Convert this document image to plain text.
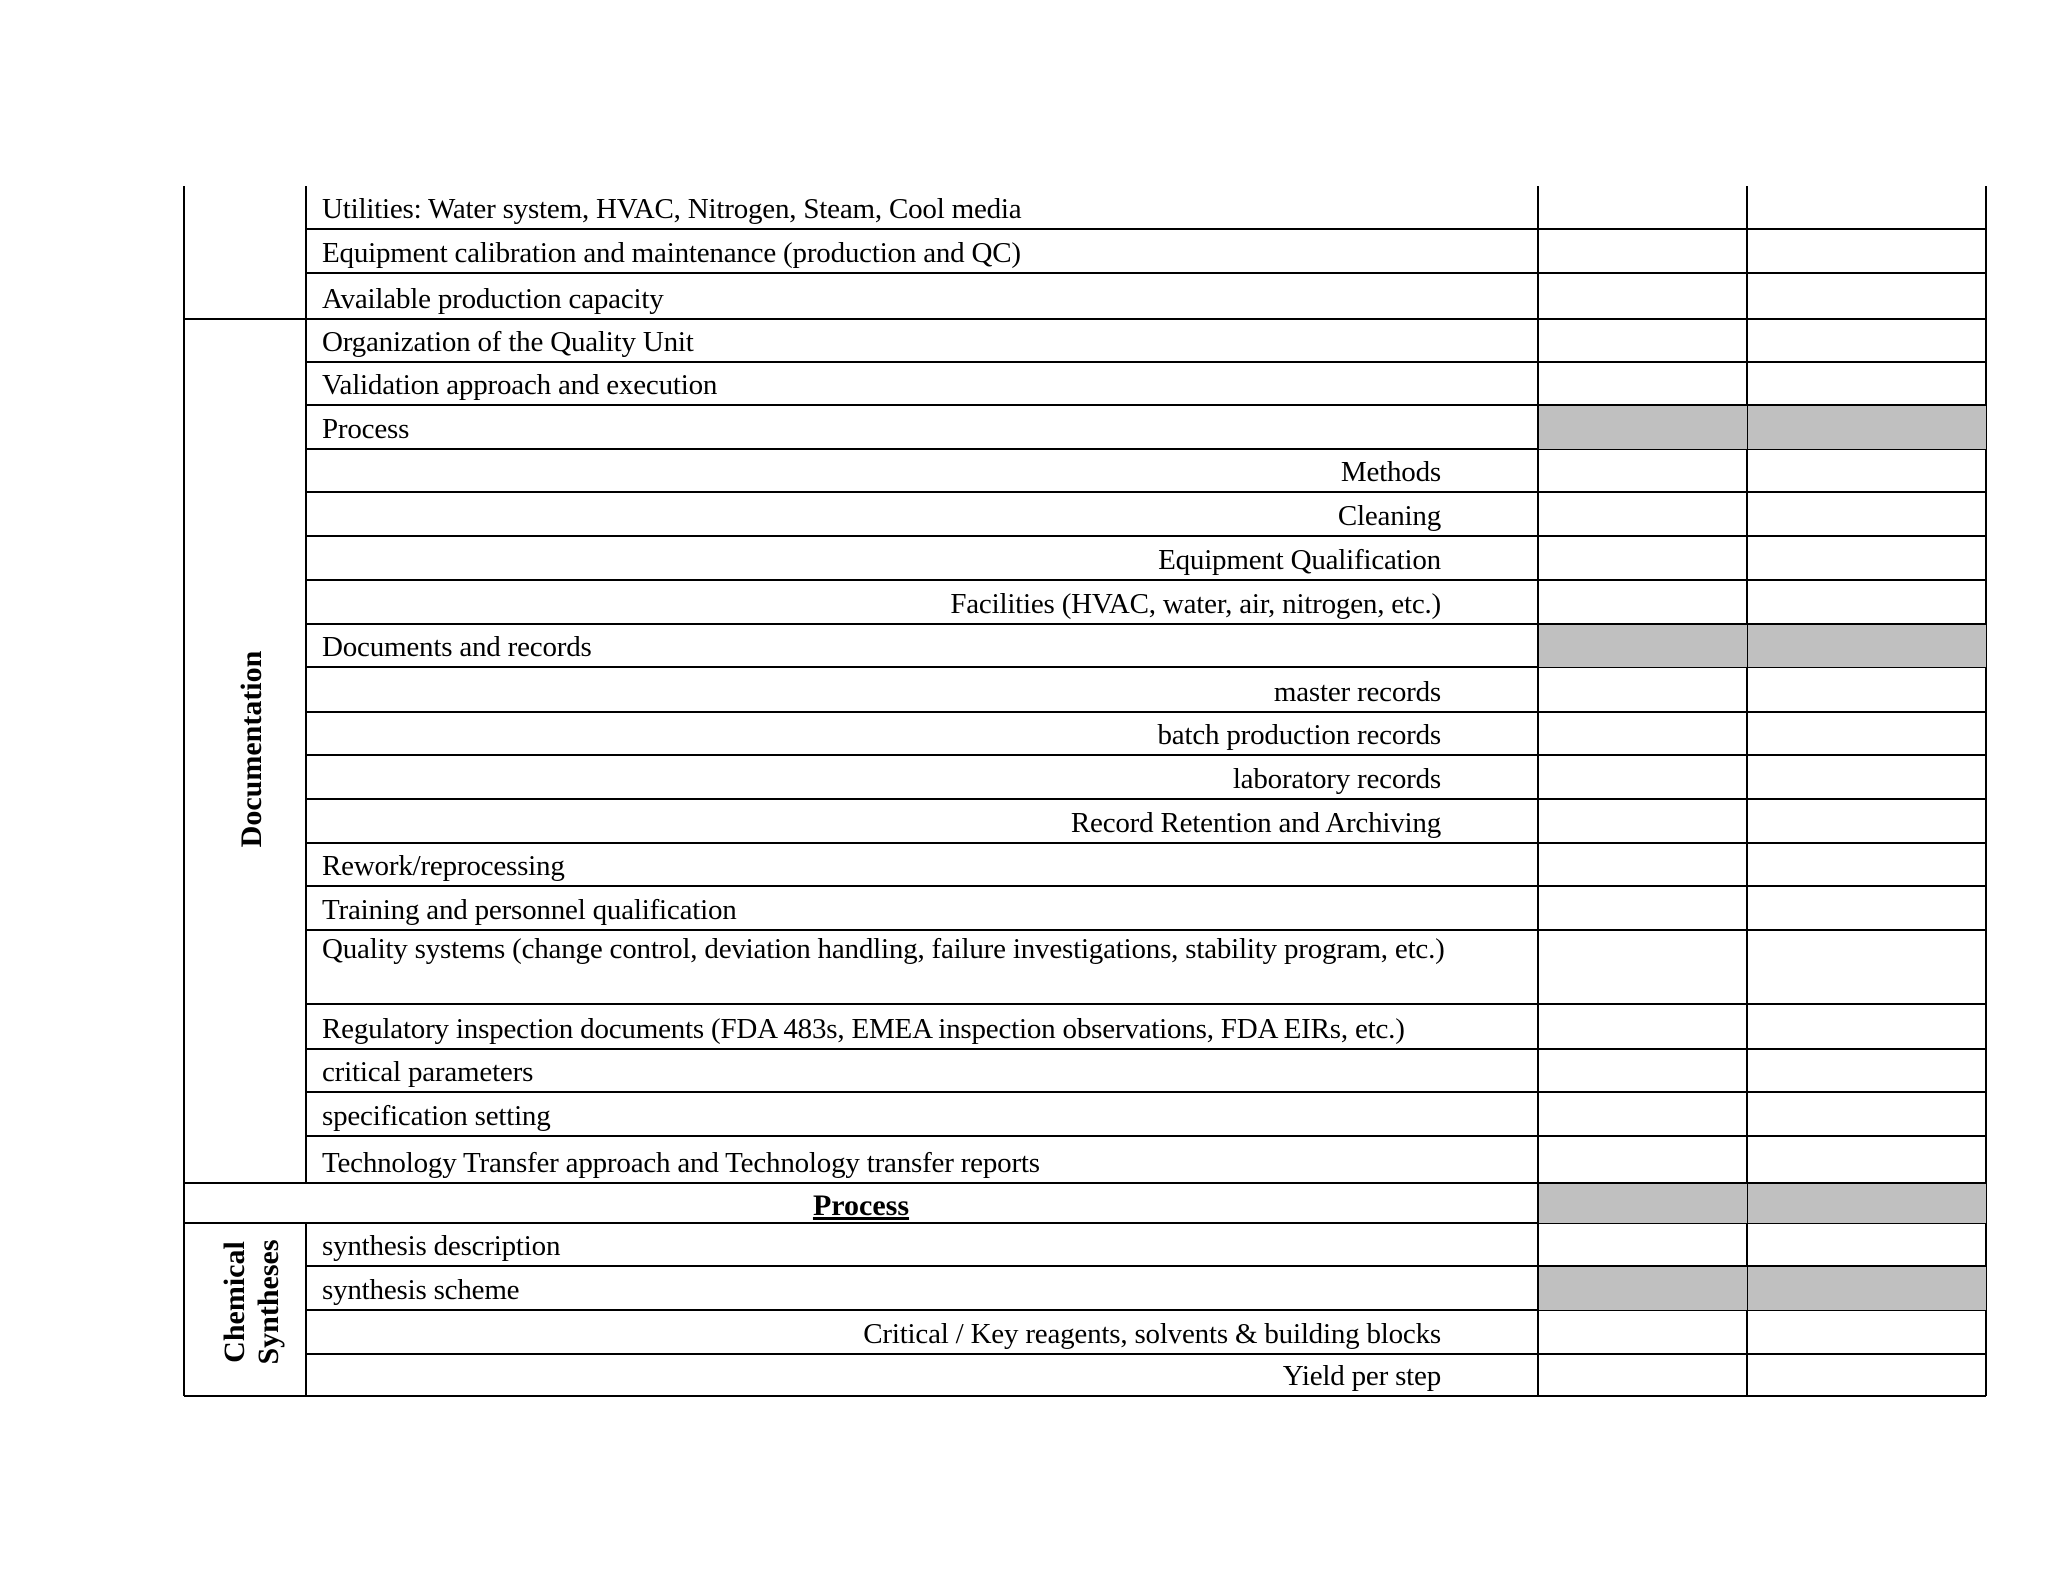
Documentation
Chemical
Syntheses
Utilities: Water system, HVAC, Nitrogen, Steam, Cool media
Equipment calibration and maintenance (production and QC)
Available production capacity
Organization of the Quality Unit
Validation approach and execution
Process
Methods
Cleaning
Equipment Qualification
Facilities (HVAC, water, air, nitrogen, etc.)
Documents and records
master records
batch production records
laboratory records
Record Retention and Archiving
Rework/reprocessing
Training and personnel qualification
Quality systems (change control, deviation handling, failure investigations, stability program, etc.)
Regulatory inspection documents (FDA 483s, EMEA inspection observations, FDA EIRs, etc.)
critical parameters
specification setting
Technology Transfer approach and Technology transfer reports
Process
synthesis description
synthesis scheme
Critical / Key reagents, solvents & building blocks
Yield per step
